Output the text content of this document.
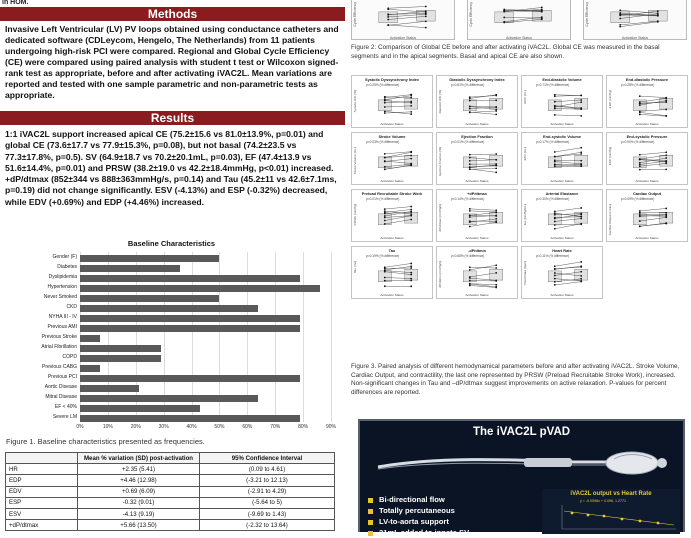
in HOM.
Methods
Invasive Left Ventricular (LV) PV loops obtained using conductance catheters and dedicated software (CDLeycom, Hengelo, The Netherlands) from 11 patients undergoing high-risk PCI were compared. Regional and Global Cycle Efficiency (CE) were compared using paired analysis with student t test or Wilcoxon signed-rank test as appropriate, before and after activating iVAC2L. Mean variations are reported and tested with one sample parametric and non-parametric tests as appropriate.
Results
1:1 iVAC2L support increased apical CE (75.2±15.6 vs 81.0±13.9%, p=0.01) and global CE (73.6±17.7 vs 77.9±15.3%, p=0.08), but not basal (74.2±23.5 vs 77.3±17.8%, p=0.5). SV (64.9±18.7 vs 70.2±20.1mL, p=0.03), EF (47.4±13.9 vs 51.6±14.4%, p=0.01) and PRSW (38.2±19.0 vs 42.2±18.4mmHg, p<0.01) increased. +dP/dtmax (852±344 vs 888±363mmHg/s, p=0.14) and Tau (45.2±11 vs 42.6±7.1ms, p=0.19) did not change significantly. ESV (-4.13%) and ESP (-0.32%) decreased, while EDV (+0.69%) and EDP (+4.46%) increased.
Baseline Characteristics
0%	10%	20%	30%	40%	50%	60%	70%	80%	90%
Gender (F)
Diabetes
Dyslipidemia
Hypertension
Never Smoked
CKD
NYHA III - IV
Previous AMI
Previous Stroke
Atrial Fibrillation
COPD
Previous CABG
Previous PCI
Aortic Disease
Mitral Disease
EF < 40%
Severe LM
Figure 1. Baseline characteristics presented as frequencies.
	Mean % variation (SD) post-activation	95% Confidence Interval
HR	+2.35 (5.41)	(0.09 to 4.61)
EDP	+4.46 (12.98)	(-3.21 to 12.13)
EDV	+0.69 (6.09)	(-2.91 to 4.29)
ESP	-0.32 (9.01)	(-5.64 to 5)
ESV	-4.13 (9.19)	(-9.69 to 1.43)
+dP/dtmax	+5.66 (13.50)	(-2.32 to 13.64)
Cycle Efficiency
Activation Status
Cycle Efficiency
Activation Status
Cycle Efficiency
Activation Status
Figure 2: Comparison of Global CE before and after activating iVAC2L. Global CE was measured in the basal segments and in the apical segments. Basal and apical CE are also shown.
Systolic Dyssynchrony Index
p=0.29% (% difference)
Systolic DSI (%)
Activation Status
Diastolic Dyssynchrony Index
p=0.81% (% difference)
Diastolic DSI (%)
Activation Status
End-diastolic Volume
p=0.71% (% difference)
EDV (mL)
Activation Status
End-diastolic Pressure
p=0.28% (% difference)
EDP (mmHg)
Activation Status
Stroke Volume
p=0.03% (% difference)
Stroke Volume (mL)
Activation Status
Ejection Fraction
p=0.01% (% difference)
Ejection Fraction (%)
Activation Status
End-systolic Volume
p=0.17% (% difference)
ESV (mL)
Activation Status
End-systolic Pressure
p=0.90% (% difference)
ESP (mmHg)
Activation Status
Preload Recruitable Stroke Work
p=0.01% (% difference)
PRSW (mmHg)
Activation Status
+dP/dtmax
p=0.14% (% difference)
dP/dtmax (mmHg/s)
Activation Status
Arterial Elastance
p=0.30% (% difference)
Ea (mmHg/mL)
Activation Status
Cardiac Output
p=0.09% (% difference)
Cardiac Output (L/min)
Activation Status
Tau
p=0.19% (% difference)
Tau (ms)
Activation Status
-dP/dtmin
p=0.68% (% difference)
dP/dtmin (mmHg/s)
Activation Status
Heart Rate
p=0.11% (% difference)
Heart Rate (bpm)
Activation Status
Figure 3. Paired analysis of different hemodynamical parameters before and after activating iVAC2L. Stroke Volume, Cardiac Output, and contractility, the last one represented by PRSW (Preload Recruitable Stroke Work), increased. Non-significant changes in Tau and –dP/dtmax suggest improvements on active relaxation. P-values for percent differences are reported.
The iVAC2L pVAD
Bi-directional flow
Totally percutaneous
LV-to-aorta support
21mL added to innate SV
iVAC2L output vs Heart Rate
y = -0.0598x + 0.096, 1.2771
